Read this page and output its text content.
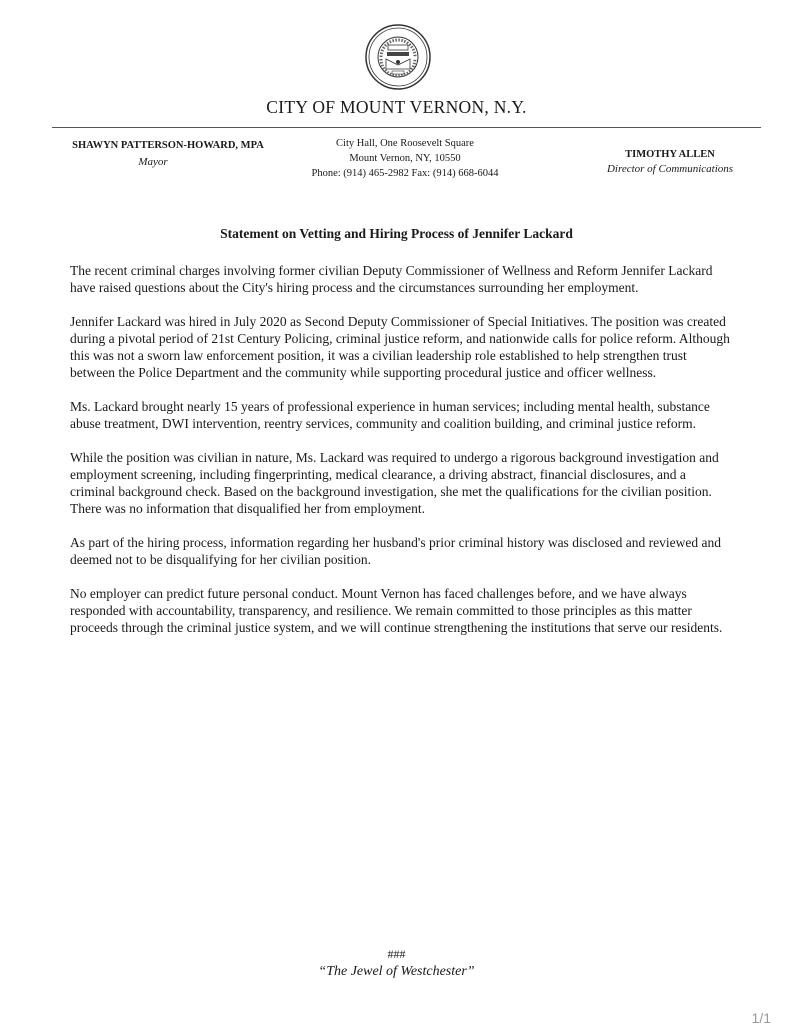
CITY OF MOUNT VERNON, N.Y.
SHAWYN PATTERSON-HOWARD, MPA
Mayor
City Hall, One Roosevelt Square
Mount Vernon, NY, 10550
Phone: (914) 465-2982 Fax: (914) 668-6044
TIMOTHY ALLEN
Director of Communications
Statement on Vetting and Hiring Process of Jennifer Lackard

The recent criminal charges involving former civilian Deputy Commissioner of Wellness and Reform Jennifer Lackard have raised questions about the City's hiring process and the circumstances surrounding her employment.

Jennifer Lackard was hired in July 2020 as Second Deputy Commissioner of Special Initiatives. The position was created during a pivotal period of 21st Century Policing, criminal justice reform, and nationwide calls for police reform. Although this was not a sworn law enforcement position, it was a civilian leadership role established to help strengthen trust between the Police Department and the community while supporting procedural justice and officer wellness.

Ms. Lackard brought nearly 15 years of professional experience in human services; including mental health, substance abuse treatment, DWI intervention, reentry services, community and coalition building, and criminal justice reform.

While the position was civilian in nature, Ms. Lackard was required to undergo a rigorous background investigation and employment screening, including fingerprinting, medical clearance, a driving abstract, financial disclosures, and a criminal background check. Based on the background investigation, she met the qualifications for the civilian position. There was no information that disqualified her from employment.

As part of the hiring process, information regarding her husband's prior criminal history was disclosed and reviewed and deemed not to be disqualifying for her civilian position.

No employer can predict future personal conduct. Mount Vernon has faced challenges before, and we have always responded with accountability, transparency, and resilience. We remain committed to those principles as this matter proceeds through the criminal justice system, and we will continue strengthening the institutions that serve our residents.

###
“The Jewel of Westchester”
1/1
